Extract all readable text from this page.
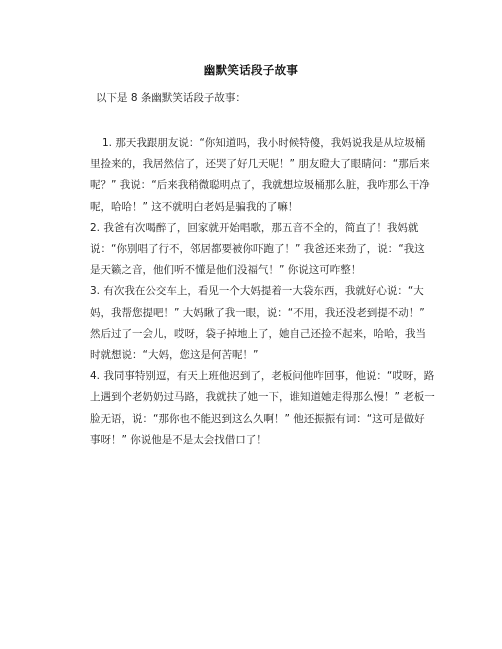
幽默笑话段子故事
以下是 8 条幽默笑话段子故事：

1. 那天我跟朋友说：“你知道吗，我小时候特傻，我妈说我是从垃圾桶里捡来的，我居然信了，还哭了好几天呢！” 朋友瞪大了眼睛问：“那后来呢？” 我说：“后来我稍微聪明点了，我就想垃圾桶那么脏，我咋那么干净呢，哈哈！” 这不就明白老妈是骗我的了嘛！

2. 我爸有次喝醉了，回家就开始唱歌，那五音不全的，简直了！我妈就说：“你别唱了行不，邻居都要被你吓跑了！” 我爸还来劲了，说：“我这是天籁之音，他们听不懂是他们没福气！” 你说这可咋整！

3. 有次我在公交车上，看见一个大妈提着一大袋东西，我就好心说：“大妈，我帮您提吧！” 大妈瞅了我一眼，说：“不用，我还没老到提不动！” 然后过了一会儿，哎呀，袋子掉地上了，她自己还捡不起来，哈哈，我当时就想说：“大妈，您这是何苦呢！”

4. 我同事特别逗，有天上班他迟到了，老板问他咋回事，他说：“哎呀，路上遇到个老奶奶过马路，我就扶了她一下，谁知道她走得那么慢！” 老板一脸无语，说：“那你也不能迟到这么久啊！” 他还振振有词：“这可是做好事呀！” 你说他是不是太会找借口了！
